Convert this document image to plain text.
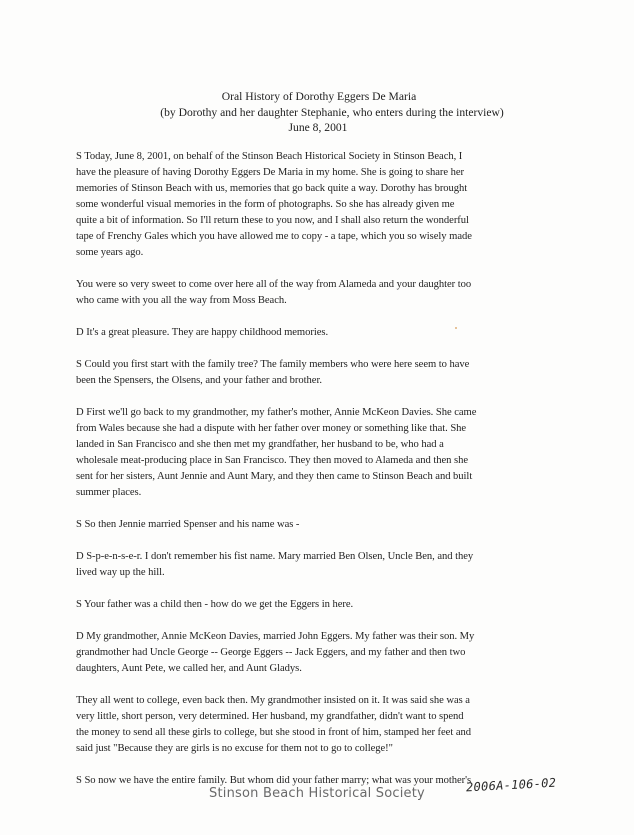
Oral History of Dorothy Eggers De Maria
(by Dorothy and her daughter Stephanie, who enters during the interview)
June 8, 2001
S Today, June 8, 2001, on behalf of the Stinson Beach Historical Society in Stinson Beach, I
have the pleasure of having Dorothy Eggers De Maria in my home. She is going to share her
memories of Stinson Beach with us, memories that go back quite a way. Dorothy has brought
some wonderful visual memories in the form of photographs. So she has already given me
quite a bit of information. So I'll return these to you now, and I shall also return the wonderful
tape of Frenchy Gales which you have allowed me to copy - a tape, which you so wisely made
some years ago.
You were so very sweet to come over here all of the way from Alameda and your daughter too
who came with you all the way from Moss Beach.
D It's a great pleasure. They are happy childhood memories.
S Could you first start with the family tree? The family members who were here seem to have
been the Spensers, the Olsens, and your father and brother.
D First we'll go back to my grandmother, my father's mother, Annie McKeon Davies. She came
from Wales because she had a dispute with her father over money or something like that. She
landed in San Francisco and she then met my grandfather, her husband to be, who had a
wholesale meat-producing place in San Francisco. They then moved to Alameda and then she
sent for her sisters, Aunt Jennie and Aunt Mary, and they then came to Stinson Beach and built
summer places.
S So then Jennie married Spenser and his name was -
D S-p-e-n-s-e-r. I don't remember his fist name. Mary married Ben Olsen, Uncle Ben, and they
lived way up the hill.
S Your father was a child then - how do we get the Eggers in here.
D My grandmother, Annie McKeon Davies, married John Eggers. My father was their son. My
grandmother had Uncle George -- George Eggers -- Jack Eggers, and my father and then two
daughters, Aunt Pete, we called her, and Aunt Gladys.
They all went to college, even back then. My grandmother insisted on it. It was said she was a
very little, short person, very determined. Her husband, my grandfather, didn't want to spend
the money to send all these girls to college, but she stood in front of him, stamped her feet and
said just "Because they are girls is no excuse for them not to go to college!"
S So now we have the entire family. But whom did your father marry; what was your mother's
Stinson Beach Historical Society	2006A-106-02
